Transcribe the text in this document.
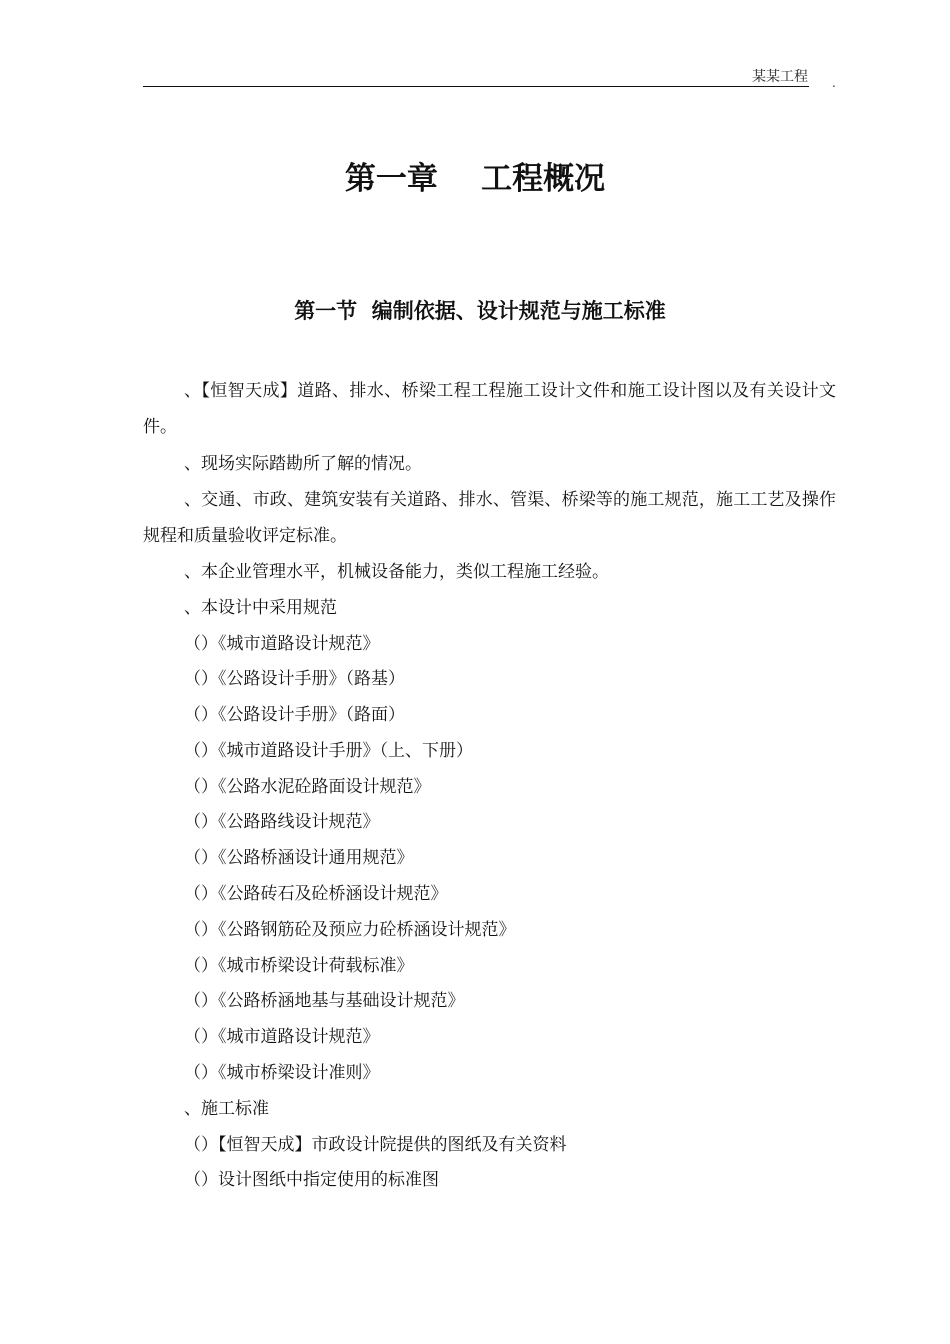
某某工程 .
第一章    工程概况
第一节  编制依据、设计规范与施工标准

、【恒智天成】道路、排水、桥梁工程工程施工设计文件和施工设计图以及有关设计文件。

、现场实际踏勘所了解的情况。

、交通、市政、建筑安装有关道路、排水、管渠、桥梁等的施工规范，施工工艺及操作规程和质量验收评定标准。

、本企业管理水平，机械设备能力，类似工程施工经验。

、本设计中采用规范

（）《城市道路设计规范》
（）《公路设计手册》（路基）
（）《公路设计手册》（路面）
（）《城市道路设计手册》（上、下册）
（）《公路水泥砼路面设计规范》
（）《公路路线设计规范》
（）《公路桥涵设计通用规范》
（）《公路砖石及砼桥涵设计规范》
（）《公路钢筋砼及预应力砼桥涵设计规范》
（）《城市桥梁设计荷载标准》
（）《公路桥涵地基与基础设计规范》
（）《城市道路设计规范》
（）《城市桥梁设计准则》

、施工标准

（）【恒智天成】市政设计院提供的图纸及有关资料
（）设计图纸中指定使用的标准图
